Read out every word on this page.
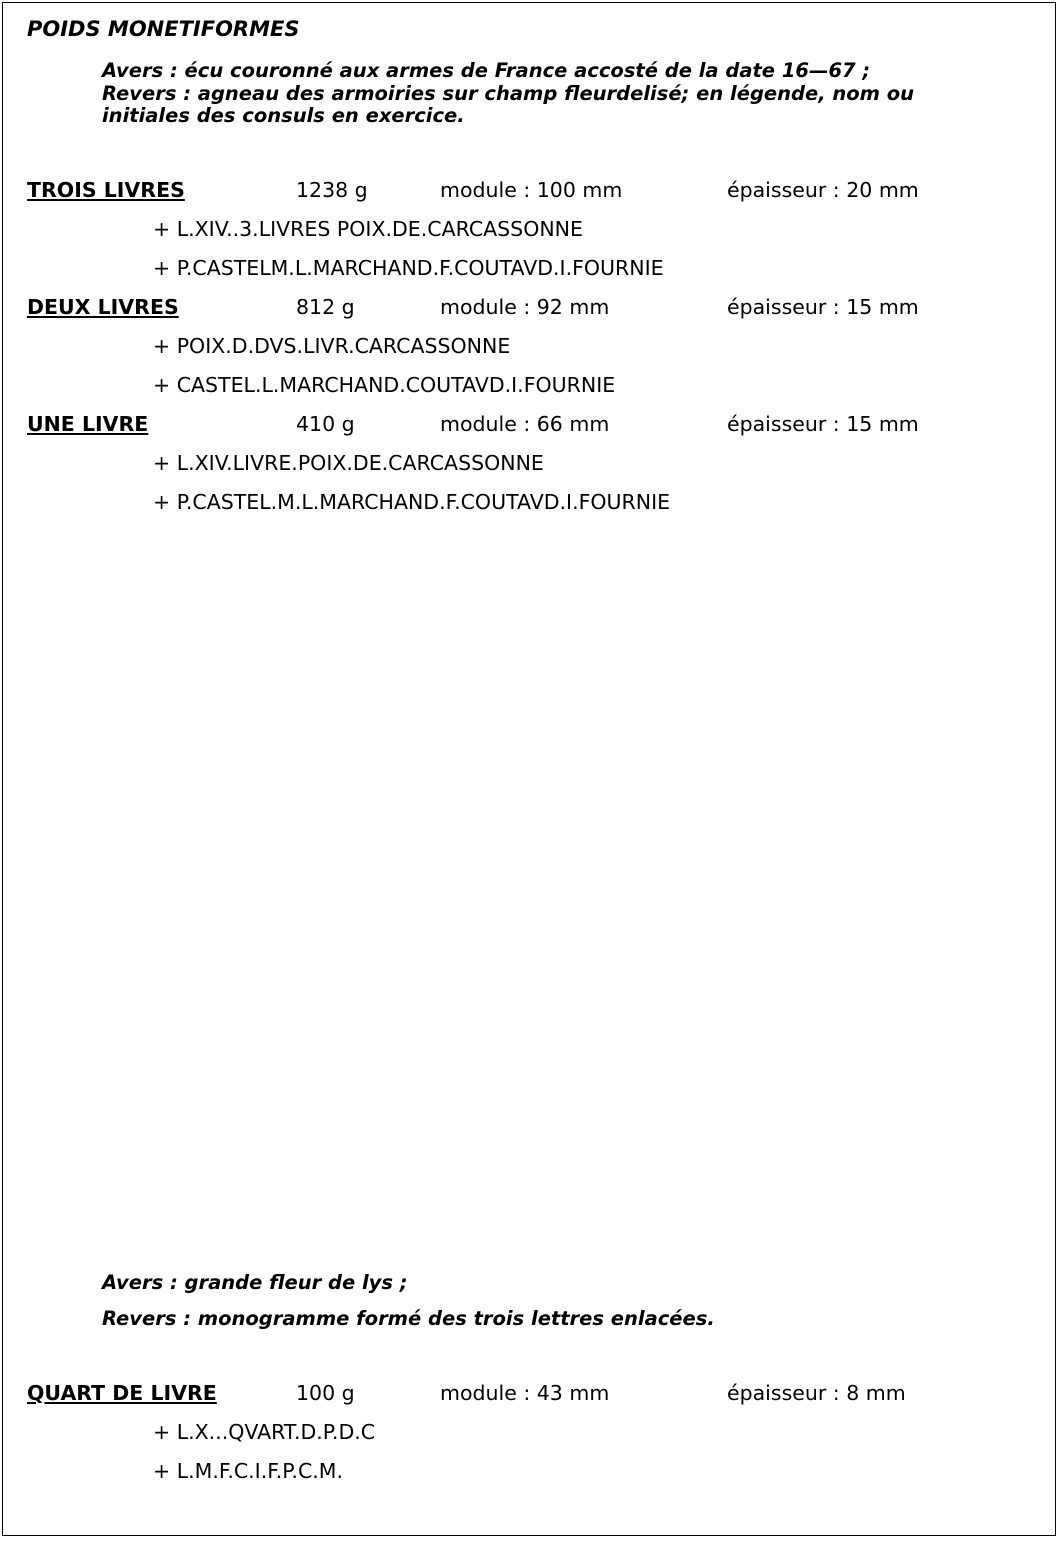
POIDS MONETIFORMES
Avers : écu couronné aux armes de France accosté de la date 16—67 ;
Revers : agneau des armoiries sur champ fleurdelisé; en légende, nom ou
initiales des consuls en exercice.
TROIS LIVRES	1238 g	module : 100 mm	épaisseur : 20 mm
+ L.XIV..3.LIVRES POIX.DE.CARCASSONNE
+ P.CASTELM.L.MARCHAND.F.COUTAVD.I.FOURNIE
DEUX LIVRES	812 g	module : 92 mm	épaisseur : 15 mm
+ POIX.D.DVS.LIVR.CARCASSONNE
+ CASTEL.L.MARCHAND.COUTAVD.I.FOURNIE
UNE LIVRE	410 g	module : 66 mm	épaisseur : 15 mm
+ L.XIV.LIVRE.POIX.DE.CARCASSONNE
+ P.CASTEL.M.L.MARCHAND.F.COUTAVD.I.FOURNIE
Avers : grande fleur de lys ;
Revers : monogramme formé des trois lettres enlacées.
QUART DE LIVRE	100 g	module : 43 mm	épaisseur : 8 mm
+ L.X...QVART.D.P.D.C
+ L.M.F.C.I.F.P.C.M.
